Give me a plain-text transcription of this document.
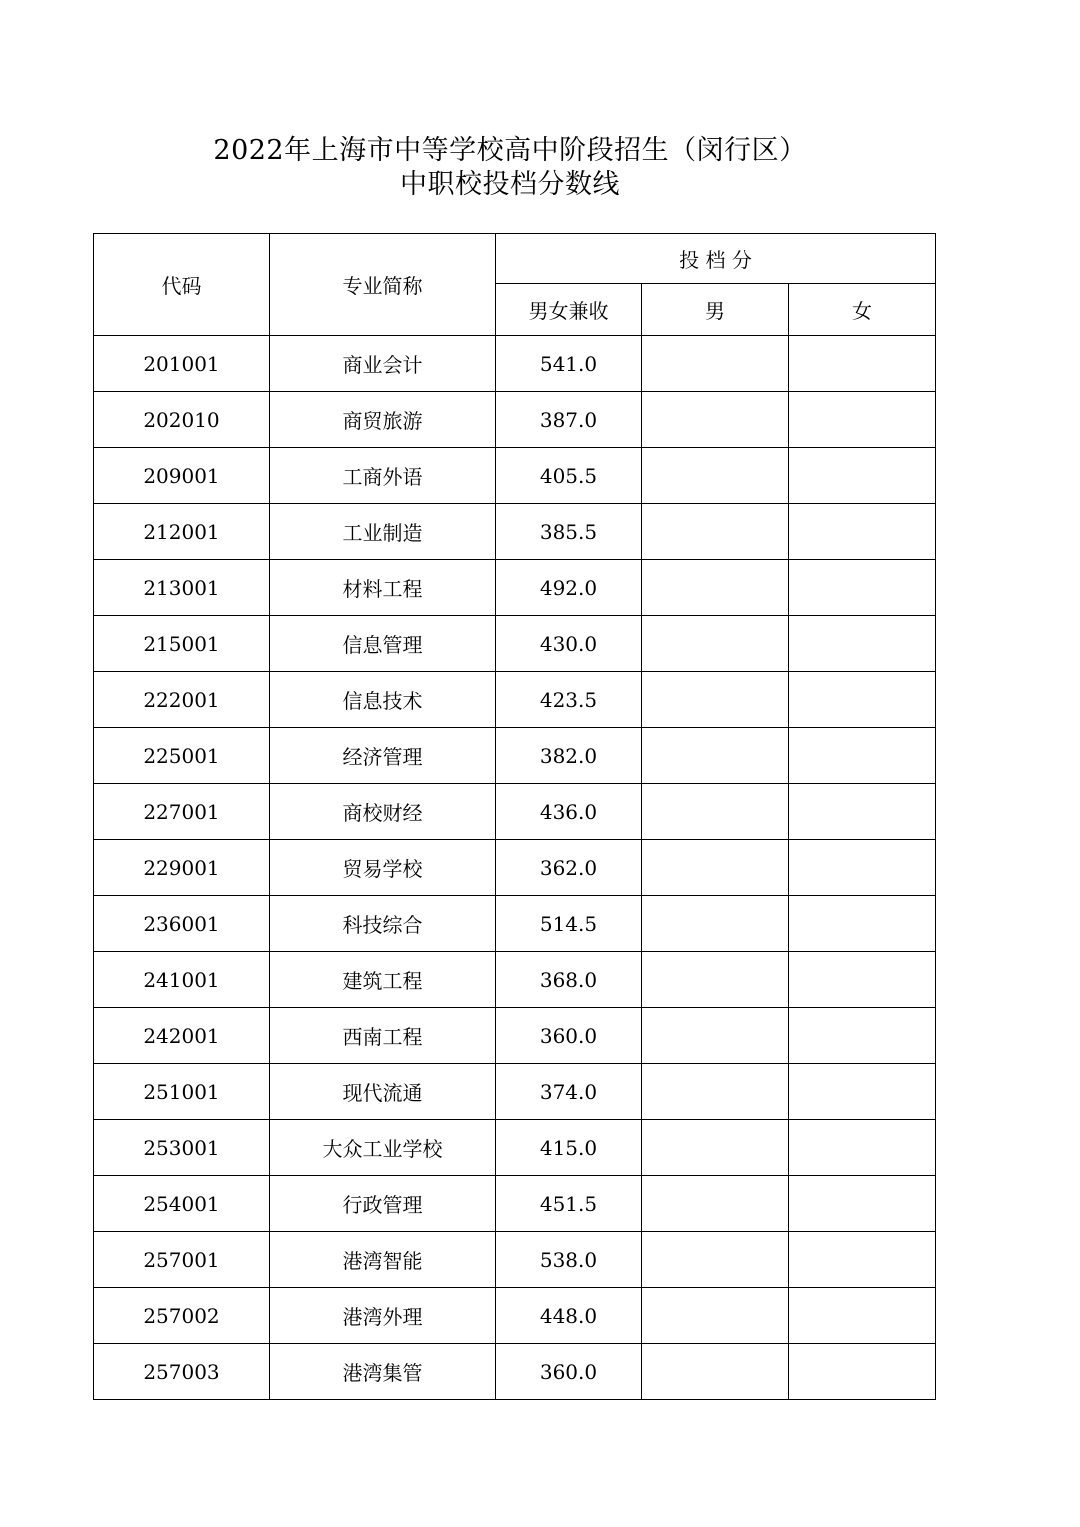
2022年上海市中等学校高中阶段招生（闵行区）
中职校投档分数线
代码	专业简称	投 档 分		
		男女兼收	男	女
201001	商业会计	541.0		
202010	商贸旅游	387.0		
209001	工商外语	405.5		
212001	工业制造	385.5		
213001	材料工程	492.0		
215001	信息管理	430.0		
222001	信息技术	423.5		
225001	经济管理	382.0		
227001	商校财经	436.0		
229001	贸易学校	362.0		
236001	科技综合	514.5		
241001	建筑工程	368.0		
242001	西南工程	360.0		
251001	现代流通	374.0		
253001	大众工业学校	415.0		
254001	行政管理	451.5		
257001	港湾智能	538.0		
257002	港湾外理	448.0		
257003	港湾集管	360.0		
